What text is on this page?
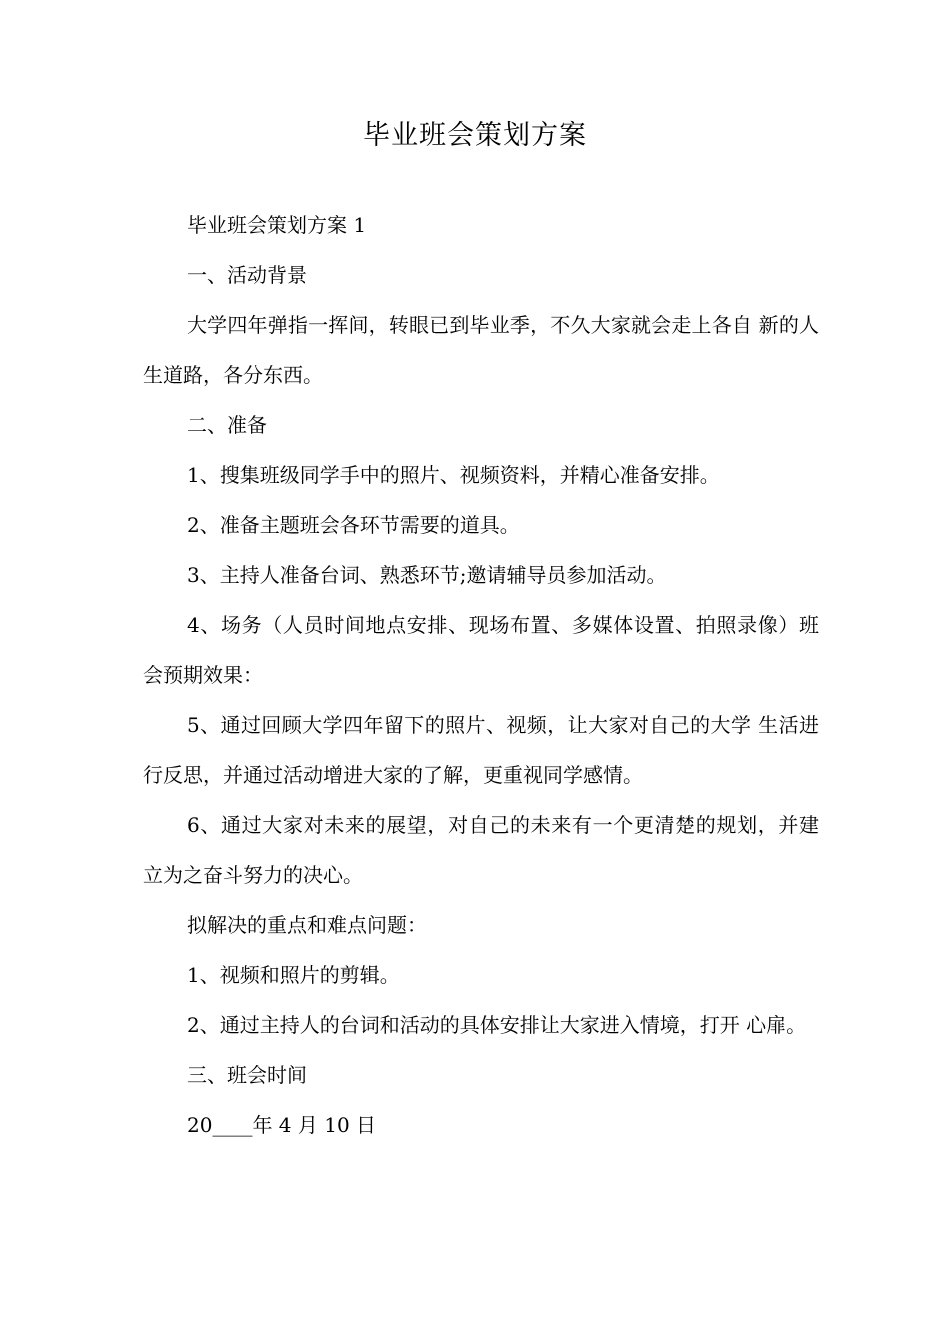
毕业班会策划方案

毕业班会策划方案 1

一、活动背景

大学四年弹指一挥间，转眼已到毕业季，不久大家就会走上各自 新的人生道路，各分东西。

二、准备

1、搜集班级同学手中的照片、视频资料，并精心准备安排。

2、准备主题班会各环节需要的道具。

3、主持人准备台词、熟悉环节;邀请辅导员参加活动。

4、场务（人员时间地点安排、现场布置、多媒体设置、拍照录像）班会预期效果：

5、通过回顾大学四年留下的照片、视频，让大家对自己的大学 生活进行反思，并通过活动增进大家的了解，更重视同学感情。

6、通过大家对未来的展望，对自己的未来有一个更清楚的规划，并建立为之奋斗努力的决心。

拟解决的重点和难点问题：

1、视频和照片的剪辑。

2、通过主持人的台词和活动的具体安排让大家进入情境，打开 心扉。

三、班会时间

20____年 4 月 10 日
